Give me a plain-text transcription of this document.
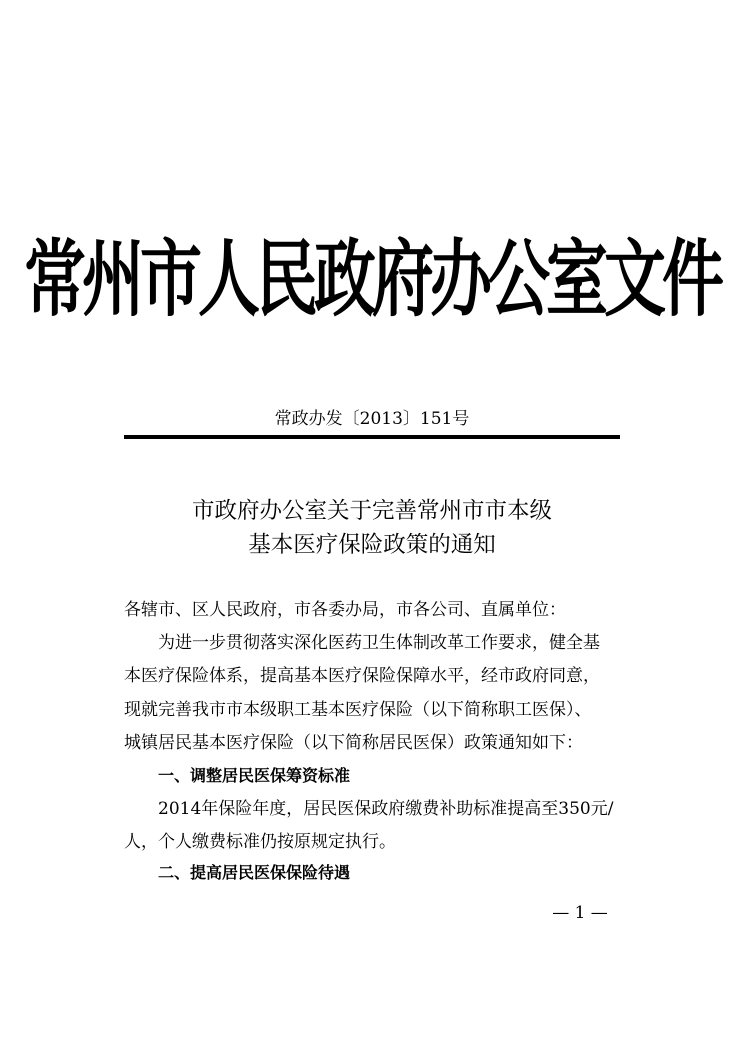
常州市人民政府办公室文件
常政办发〔2013〕151号
市政府办公室关于完善常州市市本级
基本医疗保险政策的通知
各辖市、区人民政府，市各委办局，市各公司、直属单位：
为进一步贯彻落实深化医药卫生体制改革工作要求，健全基
本医疗保险体系，提高基本医疗保险保障水平，经市政府同意，
现就完善我市市本级职工基本医疗保险（以下简称职工医保）、
城镇居民基本医疗保险（以下简称居民医保）政策通知如下：
一、调整居民医保筹资标准
2014年保险年度，居民医保政府缴费补助标准提高至350元/
人，个人缴费标准仍按原规定执行。
二、提高居民医保保险待遇
— 1 —
